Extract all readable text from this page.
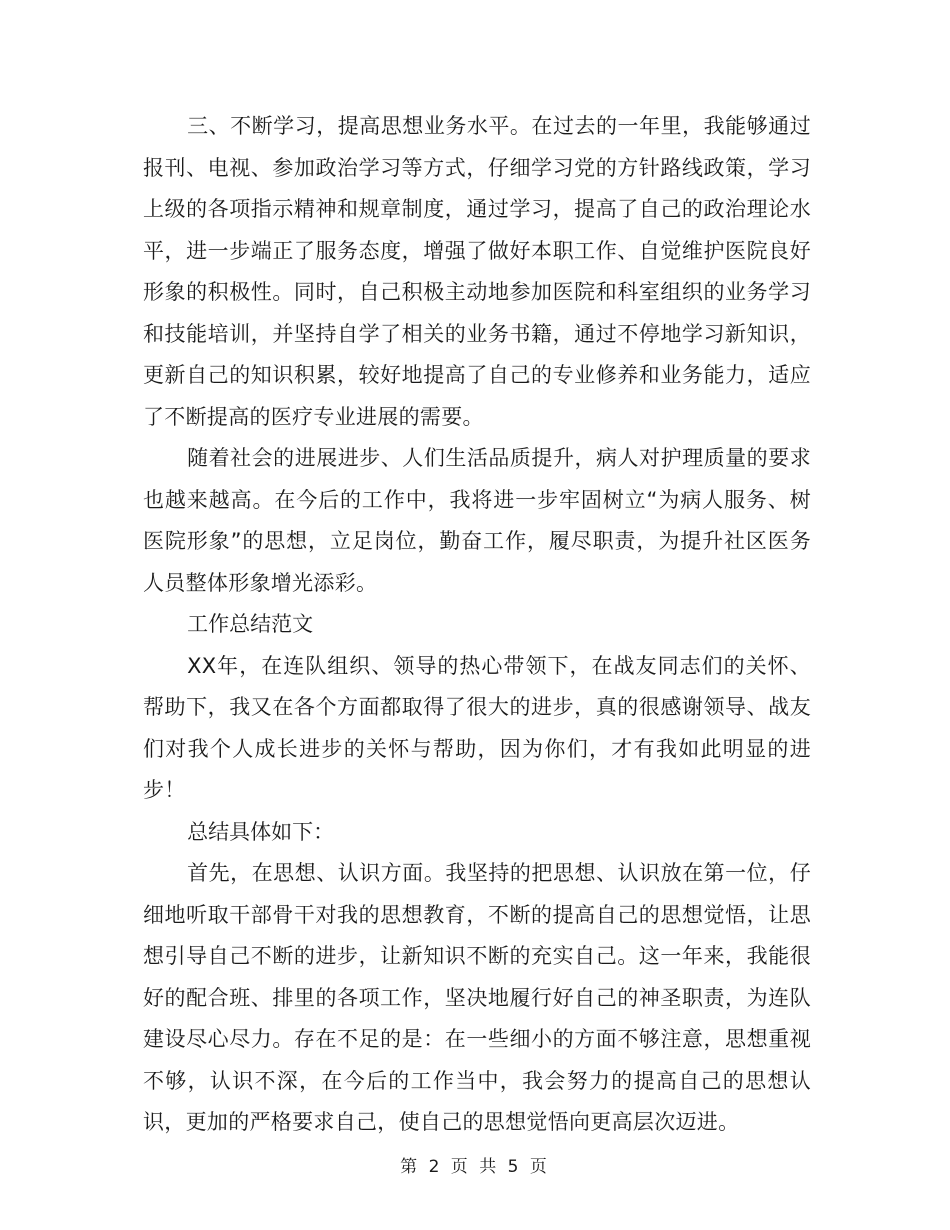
三、不断学习，提高思想业务水平。在过去的一年里，我能够通过报刊、电视、参加政治学习等方式，仔细学习党的方针路线政策，学习上级的各项指示精神和规章制度，通过学习，提高了自己的政治理论水平，进一步端正了服务态度，增强了做好本职工作、自觉维护医院良好形象的积极性。同时，自己积极主动地参加医院和科室组织的业务学习和技能培训，并坚持自学了相关的业务书籍，通过不停地学习新知识，更新自己的知识积累，较好地提高了自己的专业修养和业务能力，适应了不断提高的医疗专业进展的需要。

随着社会的进展进步、人们生活品质提升，病人对护理质量的要求也越来越高。在今后的工作中，我将进一步牢固树立“为病人服务、树医院形象”的思想，立足岗位，勤奋工作，履尽职责，为提升社区医务人员整体形象增光添彩。

工作总结范文

XX年，在连队组织、领导的热心带领下，在战友同志们的关怀、帮助下，我又在各个方面都取得了很大的进步，真的很感谢领导、战友们对我个人成长进步的关怀与帮助，因为你们，才有我如此明显的进步！

总结具体如下：

首先，在思想、认识方面。我坚持的把思想、认识放在第一位，仔细地听取干部骨干对我的思想教育，不断的提高自己的思想觉悟，让思想引导自己不断的进步，让新知识不断的充实自己。这一年来，我能很好的配合班、排里的各项工作，坚决地履行好自己的神圣职责，为连队建设尽心尽力。存在不足的是：在一些细小的方面不够注意，思想重视不够，认识不深，在今后的工作当中，我会努力的提高自己的思想认识，更加的严格要求自己，使自己的思想觉悟向更高层次迈进。

第 2 页 共 5 页
